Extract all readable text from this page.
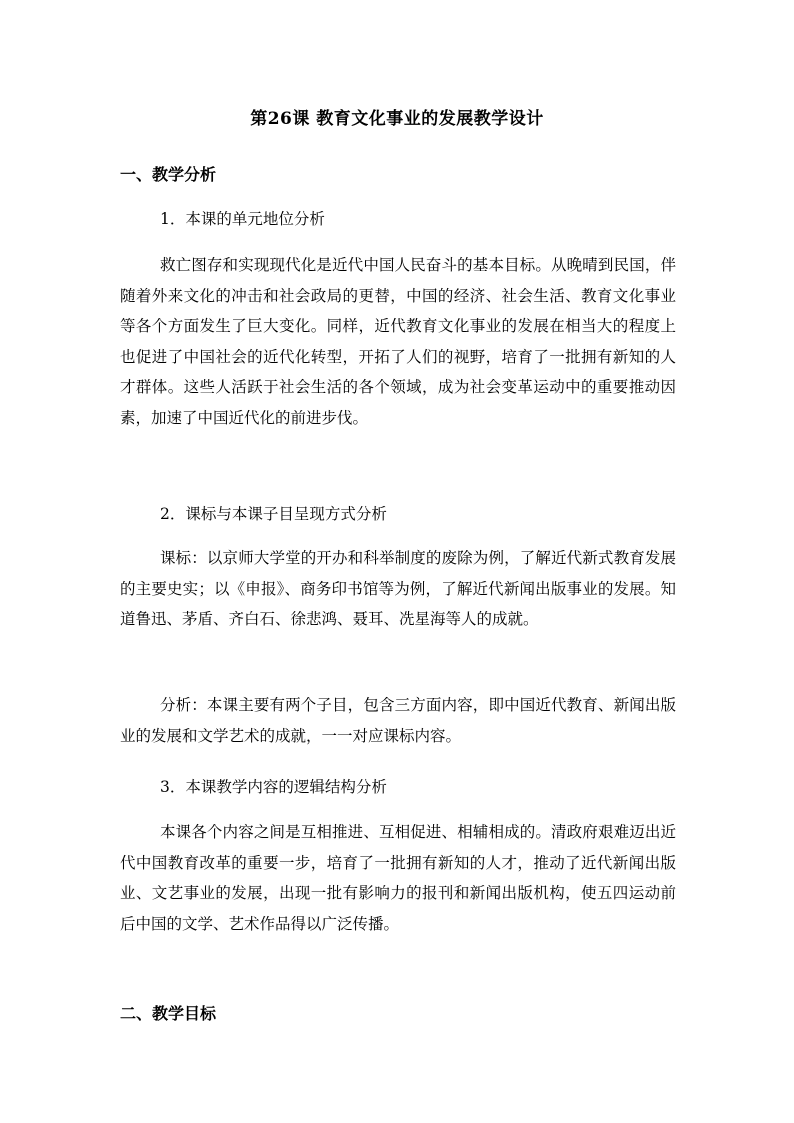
第26课 教育文化事业的发展教学设计
一、教学分析
1．本课的单元地位分析
救亡图存和实现现代化是近代中国人民奋斗的基本目标。从晚晴到民国，伴随着外来文化的冲击和社会政局的更替，中国的经济、社会生活、教育文化事业等各个方面发生了巨大变化。同样，近代教育文化事业的发展在相当大的程度上也促进了中国社会的近代化转型，开拓了人们的视野，培育了一批拥有新知的人才群体。这些人活跃于社会生活的各个领域，成为社会变革运动中的重要推动因素，加速了中国近代化的前进步伐。
2．课标与本课子目呈现方式分析
课标：以京师大学堂的开办和科举制度的废除为例，了解近代新式教育发展的主要史实；以《申报》、商务印书馆等为例，了解近代新闻出版事业的发展。知道鲁迅、茅盾、齐白石、徐悲鸿、聂耳、冼星海等人的成就。
分析：本课主要有两个子目，包含三方面内容，即中国近代教育、新闻出版业的发展和文学艺术的成就，一一对应课标内容。
3．本课教学内容的逻辑结构分析
本课各个内容之间是互相推进、互相促进、相辅相成的。清政府艰难迈出近代中国教育改革的重要一步，培育了一批拥有新知的人才，推动了近代新闻出版业、文艺事业的发展，出现一批有影响力的报刊和新闻出版机构，使五四运动前后中国的文学、艺术作品得以广泛传播。
二、教学目标
